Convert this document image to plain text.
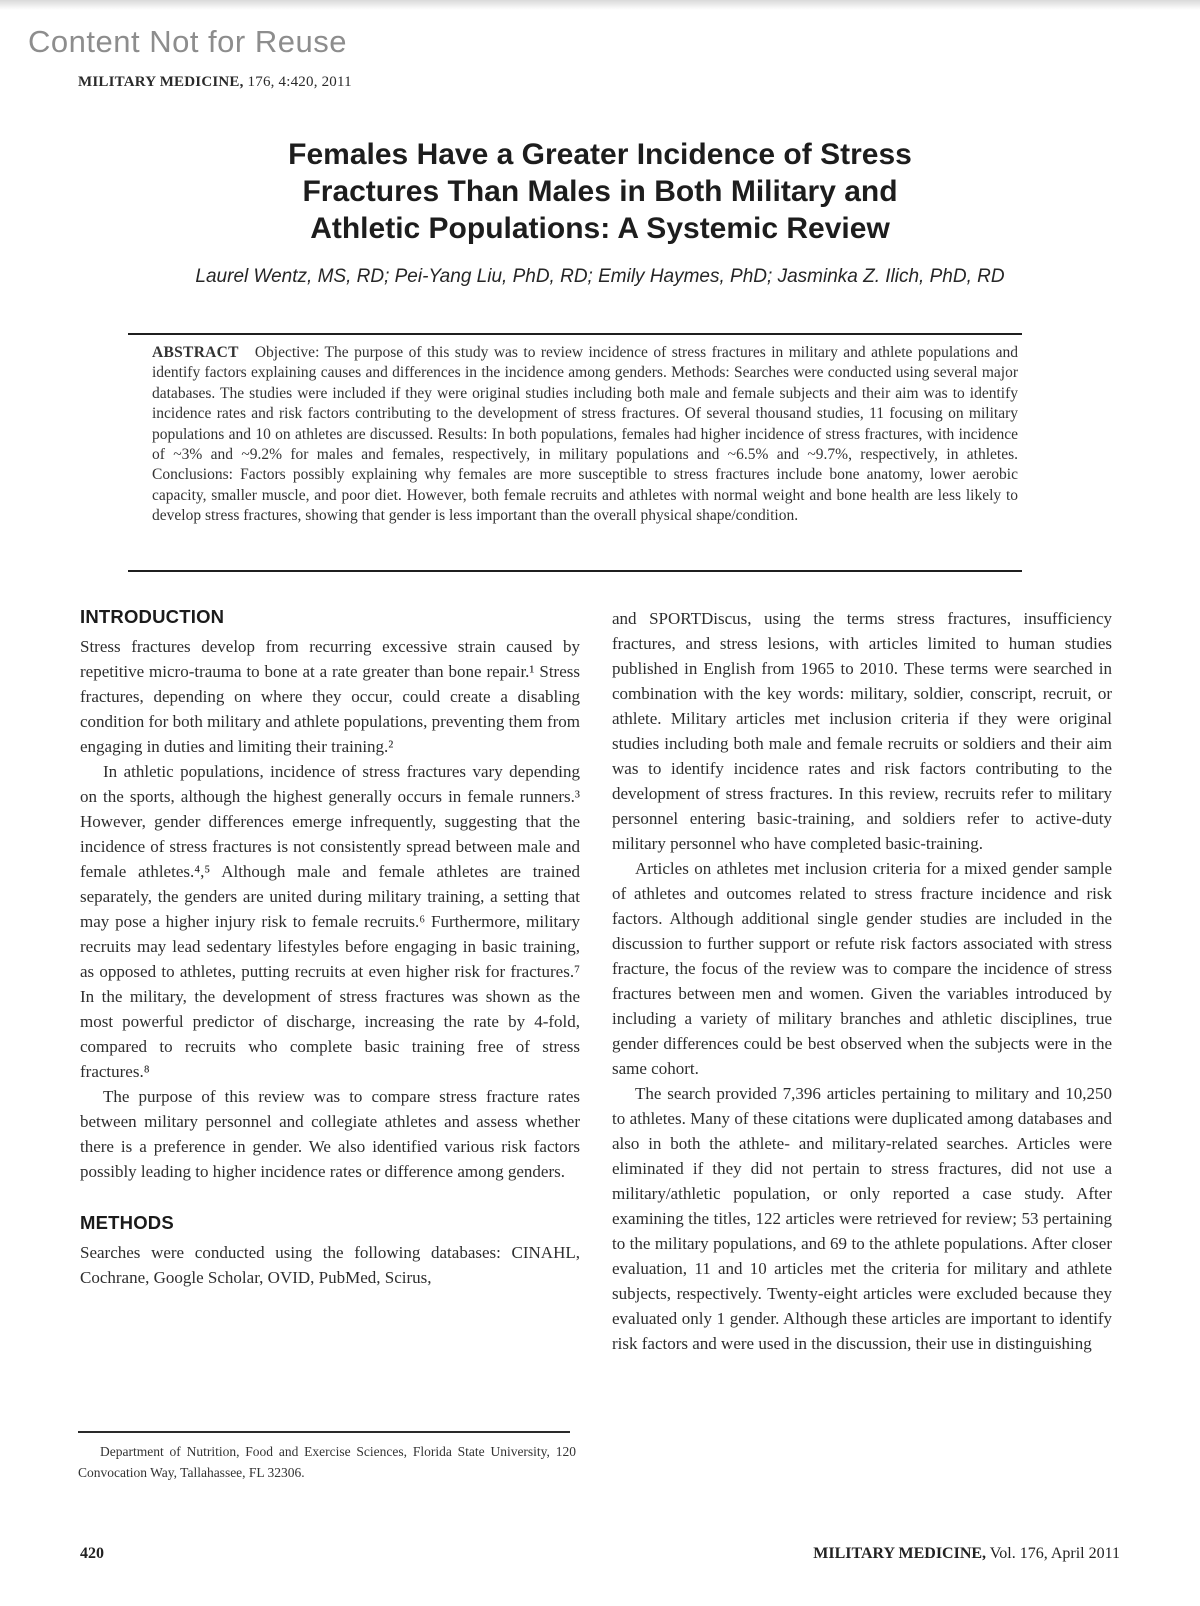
Content Not for Reuse
MILITARY MEDICINE, 176, 4:420, 2011
Females Have a Greater Incidence of Stress
Fractures Than Males in Both Military and
Athletic Populations: A Systemic Review
Laurel Wentz, MS, RD; Pei-Yang Liu, PhD, RD; Emily Haymes, PhD; Jasminka Z. Ilich, PhD, RD
ABSTRACT Objective: The purpose of this study was to review incidence of stress fractures in military and athlete populations and identify factors explaining causes and differences in the incidence among genders. Methods: Searches were conducted using several major databases. The studies were included if they were original studies including both male and female subjects and their aim was to identify incidence rates and risk factors contributing to the development of stress fractures. Of several thousand studies, 11 focusing on military populations and 10 on athletes are discussed. Results: In both populations, females had higher incidence of stress fractures, with incidence of ~3% and ~9.2% for males and females, respectively, in military populations and ~6.5% and ~9.7%, respectively, in athletes. Conclusions: Factors possibly explaining why females are more susceptible to stress fractures include bone anatomy, lower aerobic capacity, smaller muscle, and poor diet. However, both female recruits and athletes with normal weight and bone health are less likely to develop stress fractures, showing that gender is less important than the overall physical shape/condition.
INTRODUCTION

Stress fractures develop from recurring excessive strain caused by repetitive micro-trauma to bone at a rate greater than bone repair.¹ Stress fractures, depending on where they occur, could create a disabling condition for both military and athlete populations, preventing them from engaging in duties and limiting their training.²

In athletic populations, incidence of stress fractures vary depending on the sports, although the highest generally occurs in female runners.³ However, gender differences emerge infrequently, suggesting that the incidence of stress fractures is not consistently spread between male and female athletes.⁴,⁵ Although male and female athletes are trained separately, the genders are united during military training, a setting that may pose a higher injury risk to female recruits.⁶ Furthermore, military recruits may lead sedentary lifestyles before engaging in basic training, as opposed to athletes, putting recruits at even higher risk for fractures.⁷ In the military, the development of stress fractures was shown as the most powerful predictor of discharge, increasing the rate by 4-fold, compared to recruits who complete basic training free of stress fractures.⁸

The purpose of this review was to compare stress fracture rates between military personnel and collegiate athletes and assess whether there is a preference in gender. We also identified various risk factors possibly leading to higher incidence rates or difference among genders.

METHODS

Searches were conducted using the following databases: CINAHL, Cochrane, Google Scholar, OVID, PubMed, Scirus,

and SPORTDiscus, using the terms stress fractures, insufficiency fractures, and stress lesions, with articles limited to human studies published in English from 1965 to 2010. These terms were searched in combination with the key words: military, soldier, conscript, recruit, or athlete. Military articles met inclusion criteria if they were original studies including both male and female recruits or soldiers and their aim was to identify incidence rates and risk factors contributing to the development of stress fractures. In this review, recruits refer to military personnel entering basic-training, and soldiers refer to active-duty military personnel who have completed basic-training.

Articles on athletes met inclusion criteria for a mixed gender sample of athletes and outcomes related to stress fracture incidence and risk factors. Although additional single gender studies are included in the discussion to further support or refute risk factors associated with stress fracture, the focus of the review was to compare the incidence of stress fractures between men and women. Given the variables introduced by including a variety of military branches and athletic disciplines, true gender differences could be best observed when the subjects were in the same cohort.

The search provided 7,396 articles pertaining to military and 10,250 to athletes. Many of these citations were duplicated among databases and also in both the athlete- and military-related searches. Articles were eliminated if they did not pertain to stress fractures, did not use a military/athletic population, or only reported a case study. After examining the titles, 122 articles were retrieved for review; 53 pertaining to the military populations, and 69 to the athlete populations. After closer evaluation, 11 and 10 articles met the criteria for military and athlete subjects, respectively. Twenty-eight articles were excluded because they evaluated only 1 gender. Although these articles are important to identify risk factors and were used in the discussion, their use in distinguishing

Department of Nutrition, Food and Exercise Sciences, Florida State University, 120 Convocation Way, Tallahassee, FL 32306.
420	MILITARY MEDICINE, Vol. 176, April 2011
